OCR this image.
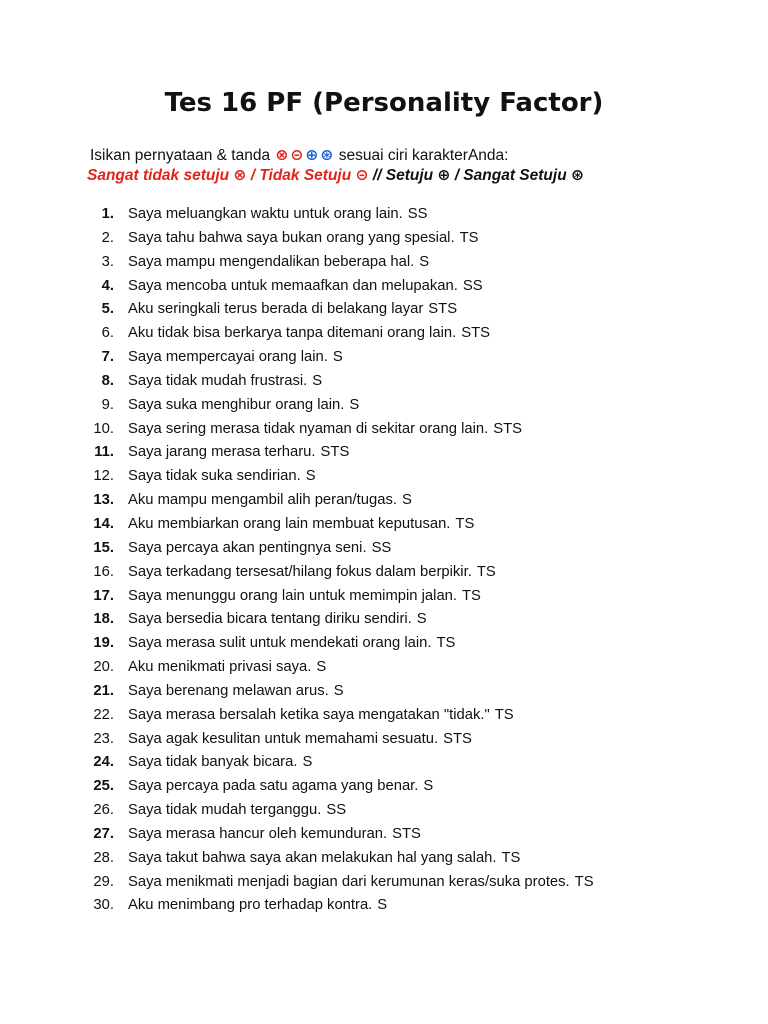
Tes 16 PF (Personality Factor)
Isikan pernyataan & tanda ⊗ ⊝ ⊕ ⊛ sesuai ciri karakterAnda:
Sangat tidak setuju ⊗ / Tidak Setuju ⊝ // Setuju ⊕ / Sangat Setuju ⊛
1. Saya meluangkan waktu untuk orang lain. SS
2. Saya tahu bahwa saya bukan orang yang spesial. TS
3. Saya mampu mengendalikan beberapa hal. S
4. Saya mencoba untuk memaafkan dan melupakan. SS
5. Aku seringkali terus berada di belakang layar STS
6. Aku tidak bisa berkarya tanpa ditemani orang lain. STS
7. Saya mempercayai orang lain. S
8. Saya tidak mudah frustrasi. S
9. Saya suka menghibur orang lain. S
10. Saya sering merasa tidak nyaman di sekitar orang lain. STS
11. Saya jarang merasa terharu. STS
12. Saya tidak suka sendirian. S
13. Aku mampu mengambil alih peran/tugas. S
14. Aku membiarkan orang lain membuat keputusan. TS
15. Saya percaya akan pentingnya seni. SS
16. Saya terkadang tersesat/hilang fokus dalam berpikir. TS
17. Saya menunggu orang lain untuk memimpin jalan. TS
18. Saya bersedia bicara tentang diriku sendiri. S
19. Saya merasa sulit untuk mendekati orang lain. TS
20. Aku menikmati privasi saya. S
21. Saya berenang melawan arus. S
22. Saya merasa bersalah ketika saya mengatakan "tidak." TS
23. Saya agak kesulitan untuk memahami sesuatu. STS
24. Saya tidak banyak bicara. S
25. Saya percaya pada satu agama yang benar. S
26. Saya tidak mudah terganggu. SS
27. Saya merasa hancur oleh kemunduran. STS
28. Saya takut bahwa saya akan melakukan hal yang salah. TS
29. Saya menikmati menjadi bagian dari kerumunan keras/suka protes. TS
30. Aku menimbang pro terhadap kontra. S
